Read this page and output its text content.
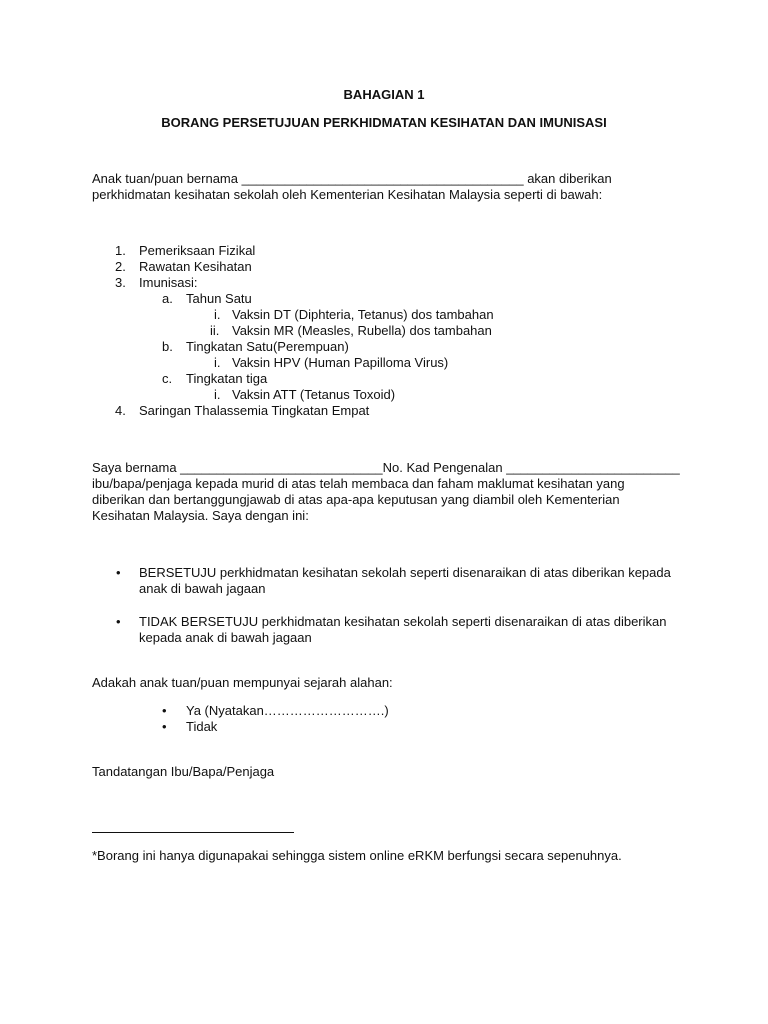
BAHAGIAN 1
BORANG PERSETUJUAN PERKHIDMATAN KESIHATAN DAN IMUNISASI
Anak tuan/puan bernama _______________________________________ akan diberikan
perkhidmatan kesihatan sekolah oleh Kementerian Kesihatan Malaysia seperti di bawah:
1. Pemeriksaan Fizikal
2. Rawatan Kesihatan
3. Imunisasi:
a. Tahun Satu
i. Vaksin DT (Diphteria, Tetanus) dos tambahan
ii. Vaksin MR (Measles, Rubella) dos tambahan
b. Tingkatan Satu(Perempuan)
i. Vaksin HPV (Human Papilloma Virus)
c. Tingkatan tiga
i. Vaksin ATT (Tetanus Toxoid)
4. Saringan Thalassemia Tingkatan Empat
Saya bernama ____________________________No. Kad Pengenalan ________________________
ibu/bapa/penjaga kepada murid di atas telah membaca dan faham maklumat kesihatan yang
diberikan dan bertanggungjawab di atas apa-apa keputusan yang diambil oleh Kementerian
Kesihatan Malaysia. Saya dengan ini:
• BERSETUJU perkhidmatan kesihatan sekolah seperti disenaraikan di atas diberikan kepada
anak di bawah jagaan
• TIDAK BERSETUJU perkhidmatan kesihatan sekolah seperti disenaraikan di atas diberikan
kepada anak di bawah jagaan
Adakah anak tuan/puan mempunyai sejarah alahan:
• Ya (Nyatakan……………………….)
• Tidak
Tandatangan Ibu/Bapa/Penjaga
*Borang ini hanya digunapakai sehingga sistem online eRKM berfungsi secara sepenuhnya.
